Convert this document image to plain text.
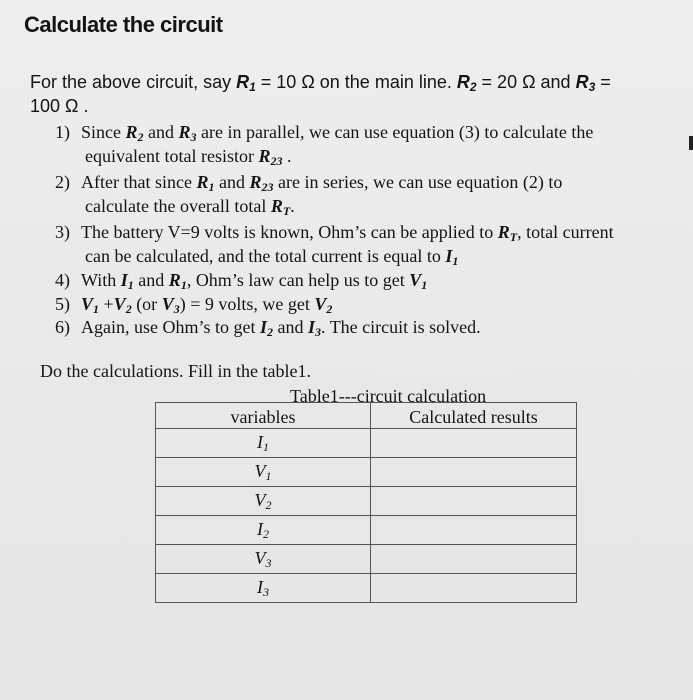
Calculate the circuit
For the above circuit, say $R_1 = 10$ Ω on the main line. $R_2 = 20$ Ω and $R_3$ =
100 Ω .
1) Since $R_2$ and $R_3$ are in parallel, we can use equation (3) to calculate the
equivalent total resistor $R_{23}$ .
2) After that since $R_1$ and $R_{23}$ are in series, we can use equation (2) to
calculate the overall total $R_T$.
3) The battery V=9 volts is known, Ohm’s can be applied to $R_T$, total current
can be calculated, and the total current is equal to $I_1$
4) With $I_1$ and $R_1$, Ohm’s law can help us to get $V_1$
5) $V_1 +V_2$ (or $V_3) = 9$ volts, we get $V_2$
6) Again, use Ohm’s to get $I_2$ and $I_3$. The circuit is solved.
Do the calculations. Fill in the table1.
Table1---circuit calculation
variables	Calculated results
$I_1$	
$V_1$	
$V_2$	
$I_2$	
$V_3$	
$I_3$	
